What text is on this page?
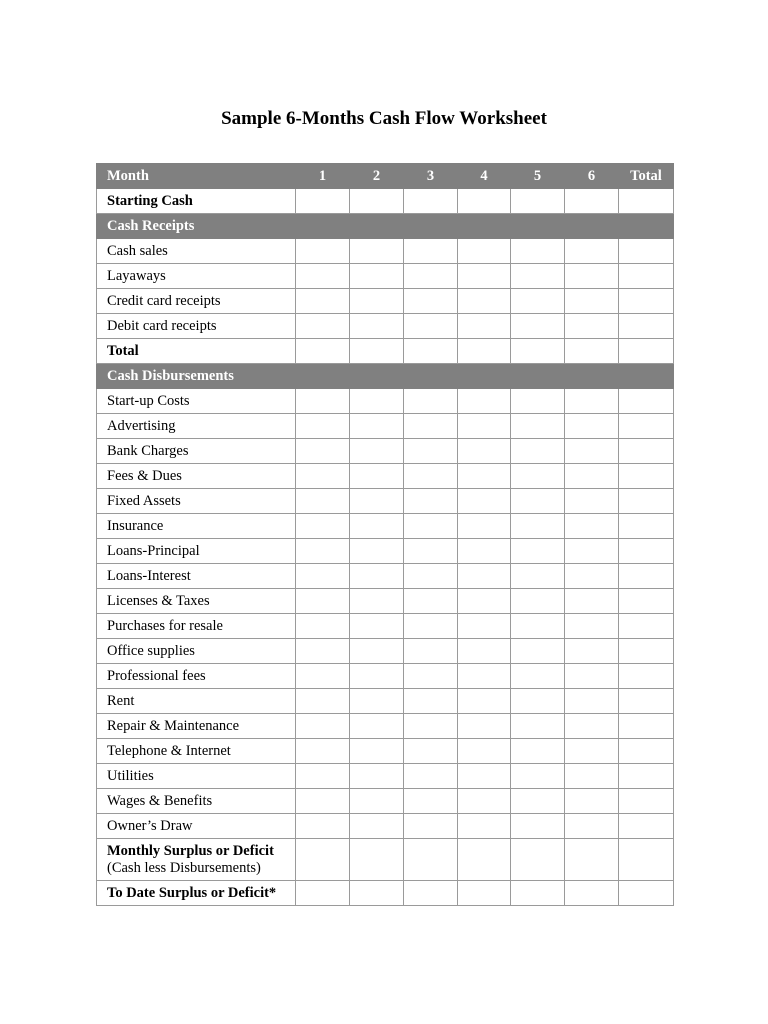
Sample 6-Months Cash Flow Worksheet
Month	1	2	3	4	5	6	Total
Starting Cash							
Cash Receipts							
Cash sales							
Layaways							
Credit card receipts							
Debit card receipts							
Total							
Cash Disbursements							
Start-up Costs							
Advertising							
Bank Charges							
Fees & Dues							
Fixed Assets							
Insurance							
Loans-Principal							
Loans-Interest							
Licenses & Taxes							
Purchases for resale							
Office supplies							
Professional fees							
Rent							
Repair & Maintenance							
Telephone & Internet							
Utilities							
Wages & Benefits							
Owner’s Draw							
Monthly Surplus or Deficit
(Cash less Disbursements)							

To Date Surplus or Deficit*							
